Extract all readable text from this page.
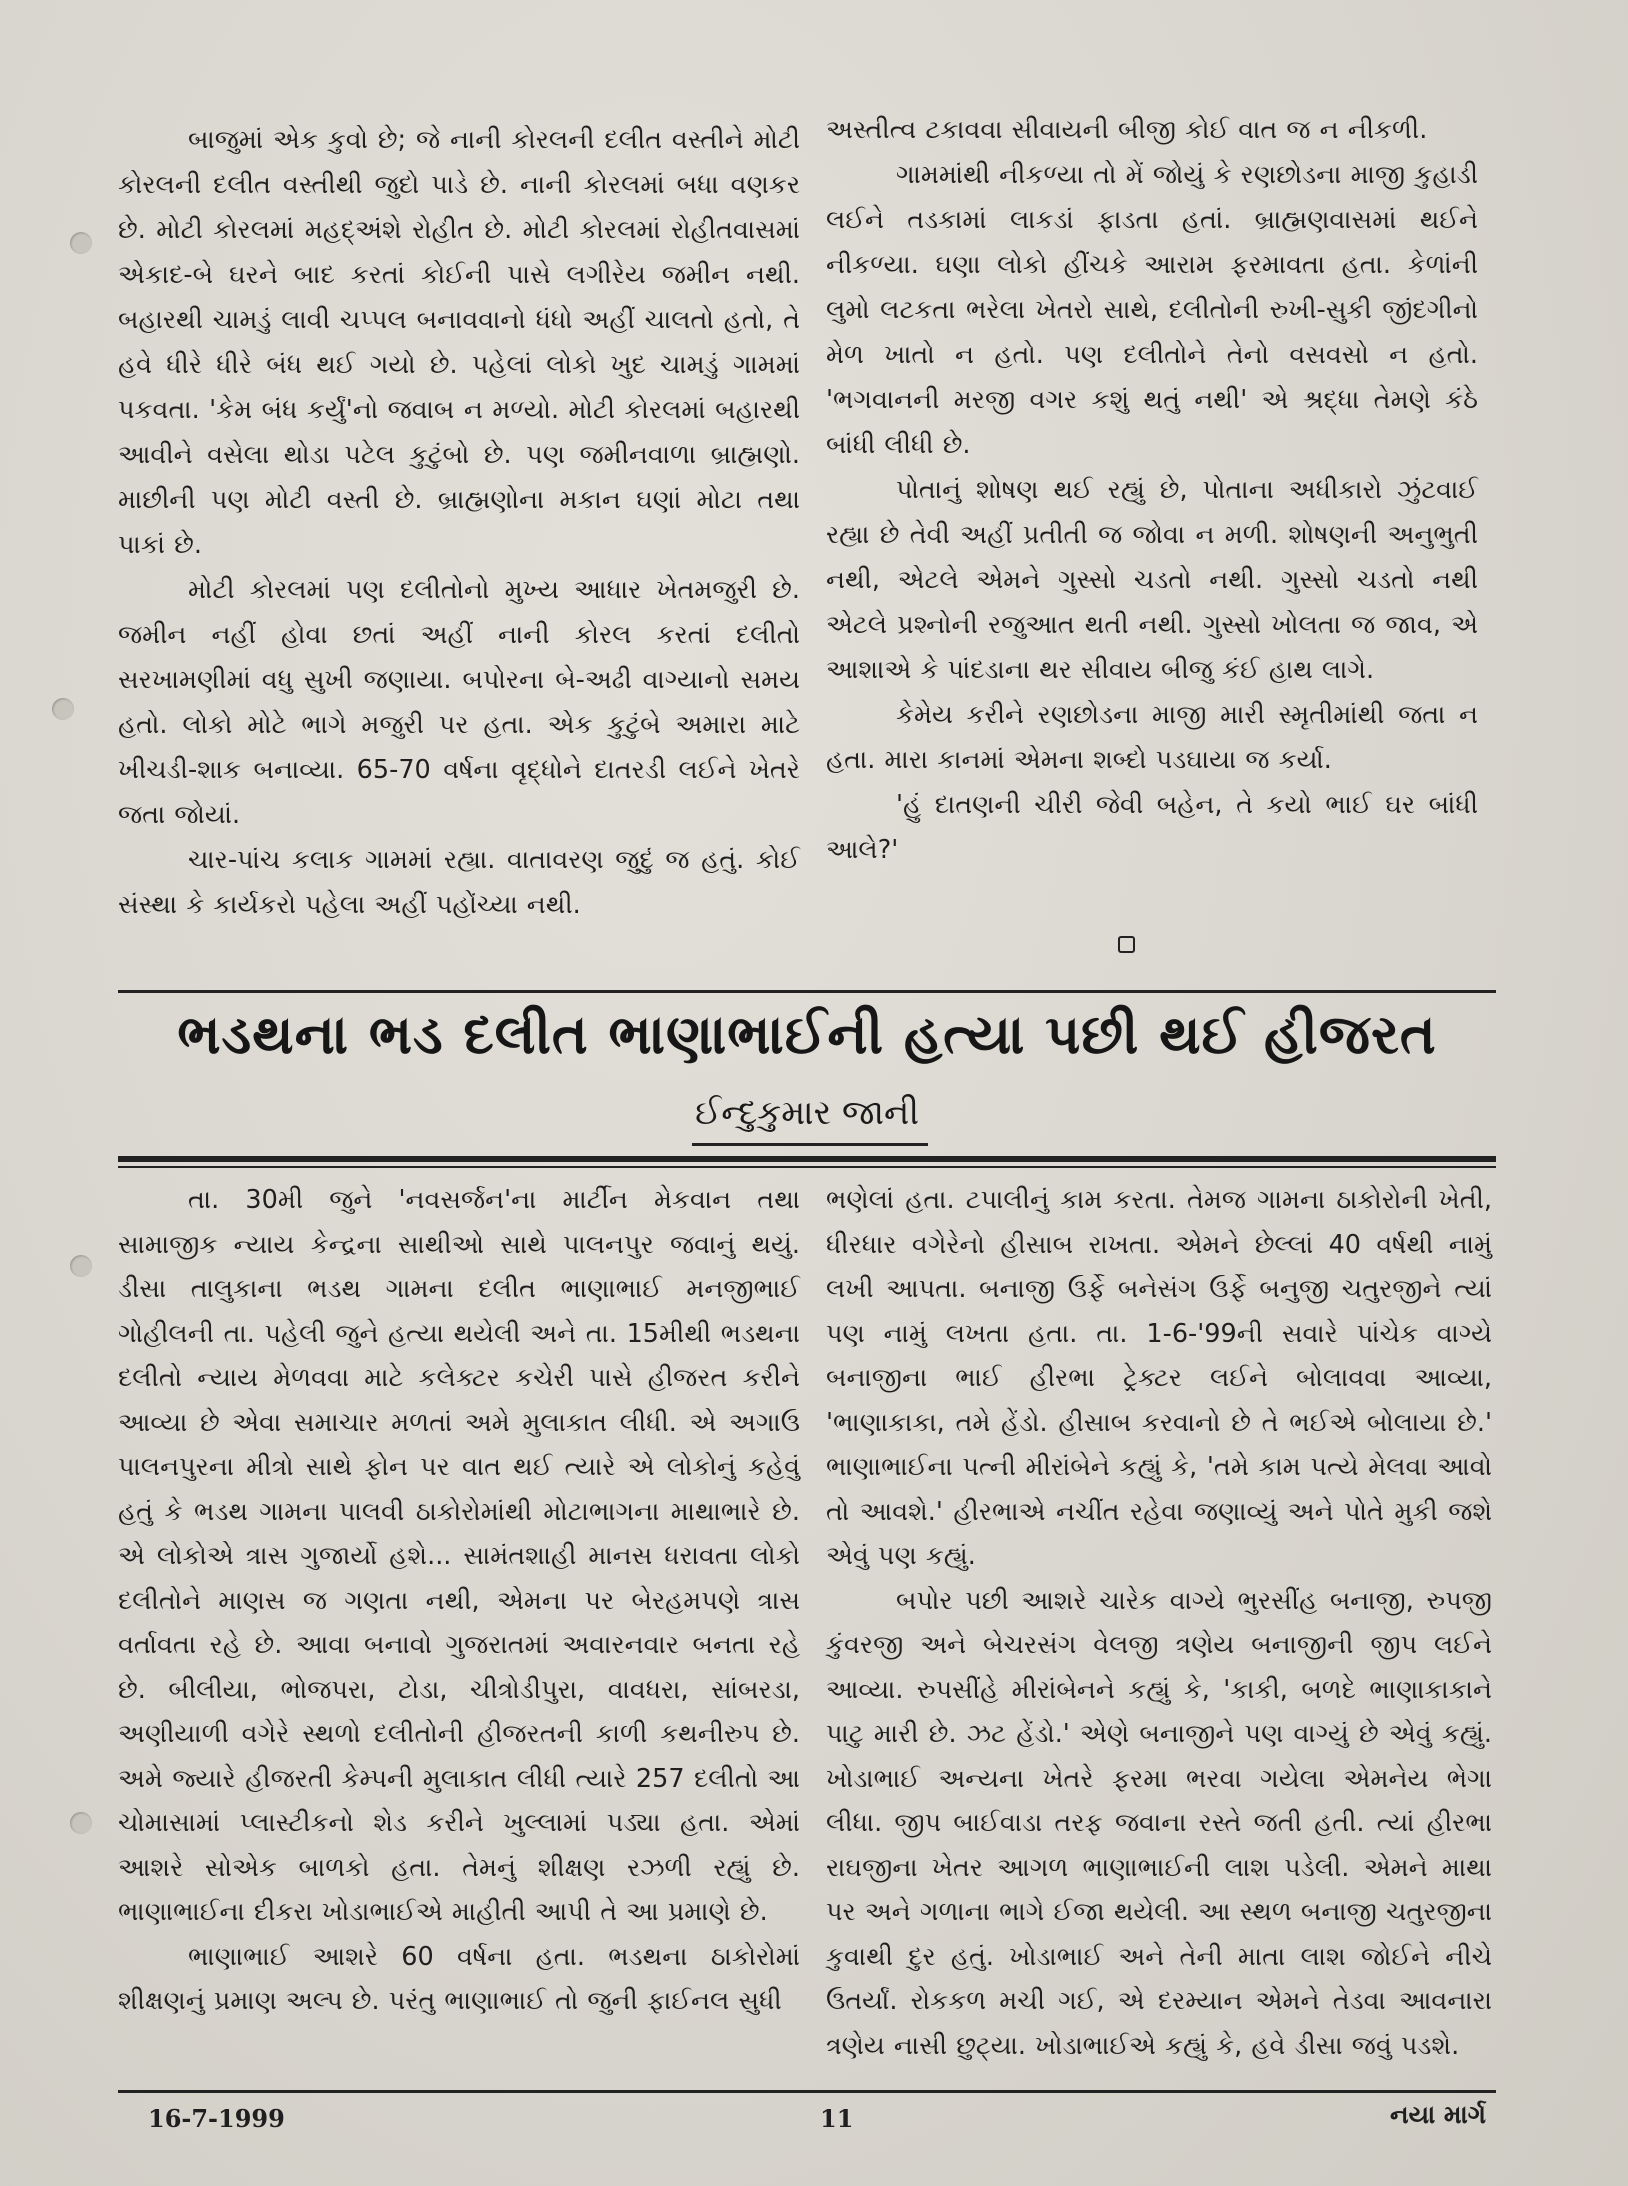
બાજુમાં એક કુવો છે; જે નાની કોરલની દલીત વસ્તીને મોટી કોરલની દલીત વસ્તીથી જુદો પાડે છે. નાની કોરલમાં બધા વણકર છે. મોટી કોરલમાં મહદ્અંશે રોહીત છે. મોટી કોરલમાં રોહીતવાસમાં એકાદ-બે ઘરને બાદ કરતાં કોઈની પાસે લગીરેય જમીન નથી. બહારથી ચામડું લાવી ચપ્પલ બનાવવાનો ધંધો અહીં ચાલતો હતો, તે હવે ધીરે ધીરે બંધ થઈ ગયો છે. પહેલાં લોકો ખુદ ચામડું ગામમાં પકવતા. 'કેમ બંધ કર્યું'નો જવાબ ન મળ્યો. મોટી કોરલમાં બહારથી આવીને વસેલા થોડા પટેલ કુટુંબો છે. પણ જમીનવાળા બ્રાહ્મણો. માછીની પણ મોટી વસ્તી છે. બ્રાહ્મણોના મકાન ઘણાં મોટા તથા પાકાં છે.

મોટી કોરલમાં પણ દલીતોનો મુખ્ય આધાર ખેતમજુરી છે. જમીન નહીં હોવા છતાં અહીં નાની કોરલ કરતાં દલીતો સરખામણીમાં વધુ સુખી જણાયા. બપોરના બે-અઢી વાગ્યાનો સમય હતો. લોકો મોટે ભાગે મજુરી પર હતા. એક કુટુંબે અમારા માટે ખીચડી-શાક બનાવ્યા. 65-70 વર્ષના વૃદ્ધોને દાતરડી લઈને ખેતરે જતા જોયાં.

ચાર-પાંચ કલાક ગામમાં રહ્યા. વાતાવરણ જુદું જ હતું. કોઈ સંસ્થા કે કાર્યકરો પહેલા અહીં પહોંચ્યા નથી.

અસ્તીત્વ ટકાવવા સીવાયની બીજી કોઈ વાત જ ન નીકળી.

ગામમાંથી નીકળ્યા તો મેં જોયું કે રણછોડના માજી કુહાડી લઈને તડકામાં લાકડાં ફાડતા હતાં. બ્રાહ્મણવાસમાં થઈને નીકળ્યા. ઘણા લોકો હીંચકે આરામ ફરમાવતા હતા. કેળાંની લુમો લટકતા ભરેલા ખેતરો સાથે, દલીતોની રુખી-સુકી જીંદગીનો મેળ ખાતો ન હતો. પણ દલીતોને તેનો વસવસો ન હતો. 'ભગવાનની મરજી વગર કશું થતું નથી' એ શ્રદ્ધા તેમણે કંઠે બાંધી લીધી છે.

પોતાનું શોષણ થઈ રહ્યું છે, પોતાના અધીકારો ઝુંટવાઈ રહ્યા છે તેવી અહીં પ્રતીતી જ જોવા ન મળી. શોષણની અનુભુતી નથી, એટલે એમને ગુસ્સો ચડતો નથી. ગુસ્સો ચડતો નથી એટલે પ્રશ્નોની રજુઆત થતી નથી. ગુસ્સો ખોલતા જ જાવ, એ આશાએ કે પાંદડાના થર સીવાય બીજુ કંઈ હાથ લાગે.

કેમેય કરીને રણછોડના માજી મારી સ્મૃતીમાંથી જતા ન હતા. મારા કાનમાં એમના શબ્દો પડઘાયા જ કર્યા.

'હું દાતણની ચીરી જેવી બહેન, તે કયો ભાઈ ઘર બાંધી આલે?'

ભડથના ભડ દલીત ભાણાભાઈની હત્યા પછી થઈ હીજરત
ઈન્દુકુમાર જાની

તા. 30મી જુને 'નવસર્જન'ના માર્ટીન મેકવાન તથા સામાજીક ન્યાય કેન્દ્રના સાથીઓ સાથે પાલનપુર જવાનું થયું. ડીસા તાલુકાના ભડથ ગામના દલીત ભાણાભાઈ મનજીભાઈ ગોહીલની તા. પહેલી જુને હત્યા થયેલી અને તા. 15મીથી ભડથના દલીતો ન્યાય મેળવવા માટે કલેક્ટર કચેરી પાસે હીજરત કરીને આવ્યા છે એવા સમાચાર મળતાં અમે મુલાકાત લીધી. એ અગાઉ પાલનપુરના મીત્રો સાથે ફોન પર વાત થઈ ત્યારે એ લોકોનું કહેવું હતું કે ભડથ ગામના પાલવી ઠાકોરોમાંથી મોટાભાગના માથાભારે છે. એ લોકોએ ત્રાસ ગુજાર્યો હશે... સામંતશાહી માનસ ધરાવતા લોકો દલીતોને માણસ જ ગણતા નથી, એમના પર બેરહમપણે ત્રાસ વર્તાવતા રહે છે. આવા બનાવો ગુજરાતમાં અવારનવાર બનતા રહે છે. બીલીયા, ભોજપરા, ટોડા, ચીત્રોડીપુરા, વાવધરા, સાંબરડા, અણીયાળી વગેરે સ્થળો દલીતોની હીજરતની કાળી કથનીરુપ છે. અમે જ્યારે હીજરતી કેમ્પની મુલાકાત લીધી ત્યારે 257 દલીતો આ ચોમાસામાં પ્લાસ્ટીકનો શેડ કરીને ખુલ્લામાં પડ્યા હતા. એમાં આશરે સોએક બાળકો હતા. તેમનું શીક્ષણ રઝળી રહ્યું છે. ભાણાભાઈના દીકરા ખોડાભાઈએ માહીતી આપી તે આ પ્રમાણે છે.

ભાણાભાઈ આશરે 60 વર્ષના હતા. ભડથના ઠાકોરોમાં શીક્ષણનું પ્રમાણ અલ્પ છે. પરંતુ ભાણાભાઈ તો જુની ફાઈનલ સુધી

ભણેલાં હતા. ટપાલીનું કામ કરતા. તેમજ ગામના ઠાકોરોની ખેતી, ધીરધાર વગેરેનો હીસાબ રાખતા. એમને છેલ્લાં 40 વર્ષથી નામું લખી આપતા. બનાજી ઉર્ફે બનેસંગ ઉર્ફે બનુજી ચતુરજીને ત્યાં પણ નામું લખતા હતા. તા. 1-6-'99ની સવારે પાંચેક વાગ્યે બનાજીના ભાઈ હીરભા ટ્રેક્ટર લઈને બોલાવવા આવ્યા, 'ભાણાકાકા, તમે હેંડો. હીસાબ કરવાનો છે તે ભઈએ બોલાયા છે.' ભાણાભાઈના પત્ની મીરાંબેને કહ્યું કે, 'તમે કામ પત્યે મેલવા આવો તો આવશે.' હીરભાએ નચીંત રહેવા જણાવ્યું અને પોતે મુકી જશે એવું પણ કહ્યું.

બપોર પછી આશરે ચારેક વાગ્યે ભુરસીંહ બનાજી, રુપજી કુંવરજી અને બેચરસંગ વેલજી ત્રણેય બનાજીની જીપ લઈને આવ્યા. રુપસીંહે મીરાંબેનને કહ્યું કે, 'કાકી, બળદે ભાણાકાકાને પાટુ મારી છે. ઝટ હેંડો.' એણે બનાજીને પણ વાગ્યું છે એવું કહ્યું. ખોડાભાઈ અન્યના ખેતરે ફરમા ભરવા ગયેલા એમનેય ભેગા લીધા. જીપ બાઈવાડા તરફ જવાના રસ્તે જતી હતી. ત્યાં હીરભા રાઘજીના ખેતર આગળ ભાણાભાઈની લાશ પડેલી. એમને માથા પર અને ગળાના ભાગે ઈજા થયેલી. આ સ્થળ બનાજી ચતુરજીના કુવાથી દુર હતું. ખોડાભાઈ અને તેની માતા લાશ જોઈને નીચે ઉતર્યાં. રોકકળ મચી ગઈ, એ દરમ્યાન એમને તેડવા આવનારા ત્રણેય નાસી છુટ્યા. ખોડાભાઈએ કહ્યું કે, હવે ડીસા જવું પડશે.

16-7-1999	11	નયા માર્ગ
